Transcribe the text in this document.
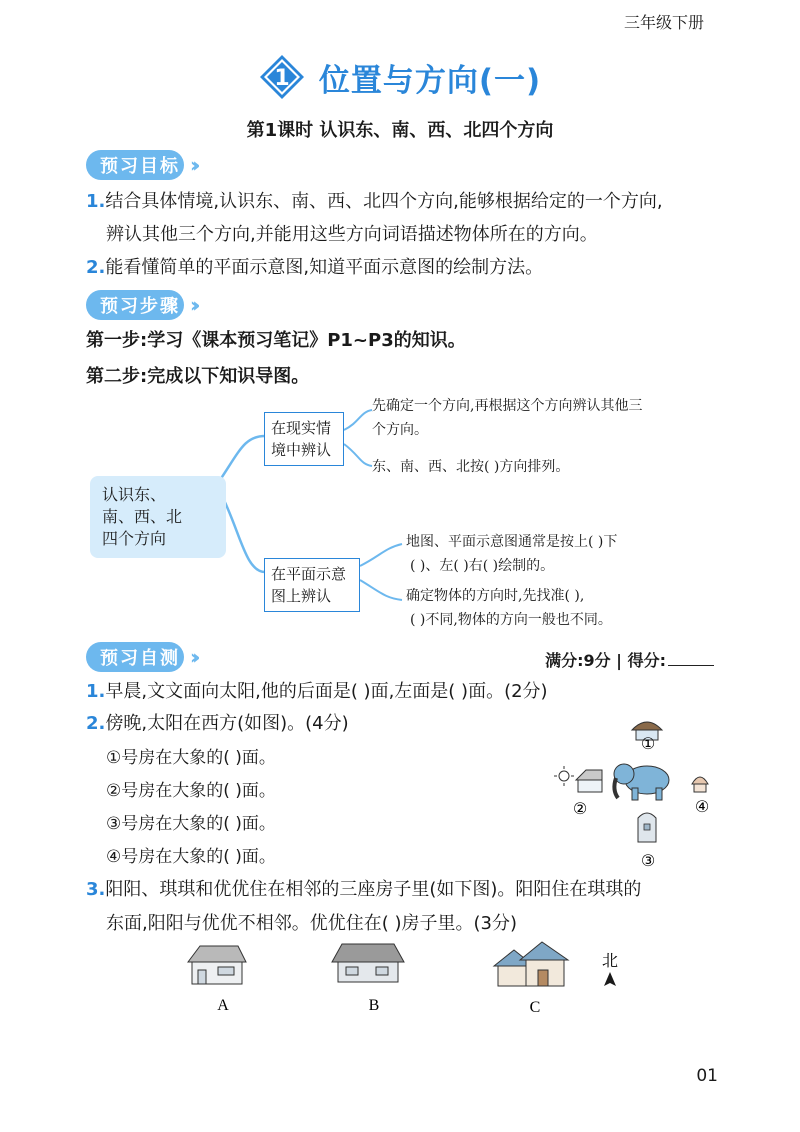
三年级下册
1 位置与方向(一)
第1课时 认识东、南、西、北四个方向
预习目标 ››
1.结合具体情境,认识东、南、西、北四个方向,能够根据给定的一个方向,
辨认其他三个方向,并能用这些方向词语描述物体所在的方向。
2.能看懂简单的平面示意图,知道平面示意图的绘制方法。
预习步骤 ››
第一步:学习《课本预习笔记》P1~P3的知识。
第二步:完成以下知识导图。
认识东、
南、西、北
四个方向
在现实情
境中辨认
先确定一个方向,再根据这个方向辨认其他三
个方向。
东、南、西、北按( )方向排列。
在平面示意
图上辨认
地图、平面示意图通常是按上( )下
( )、左( )右( )绘制的。
确定物体的方向时,先找准( ),
( )不同,物体的方向一般也不同。
预习自测 ››	满分:9分 | 得分:
1.早晨,文文面向太阳,他的后面是( )面,左面是( )面。(2分)
2.傍晚,太阳在西方(如图)。(4分)
①号房在大象的( )面。
②号房在大象的( )面。
③号房在大象的( )面。
④号房在大象的( )面。
①
②
③
④
3.阳阳、琪琪和优优住在相邻的三座房子里(如下图)。阳阳住在琪琪的
东面,阳阳与优优不相邻。优优住在( )房子里。(3分)
A	B	C
北
01
